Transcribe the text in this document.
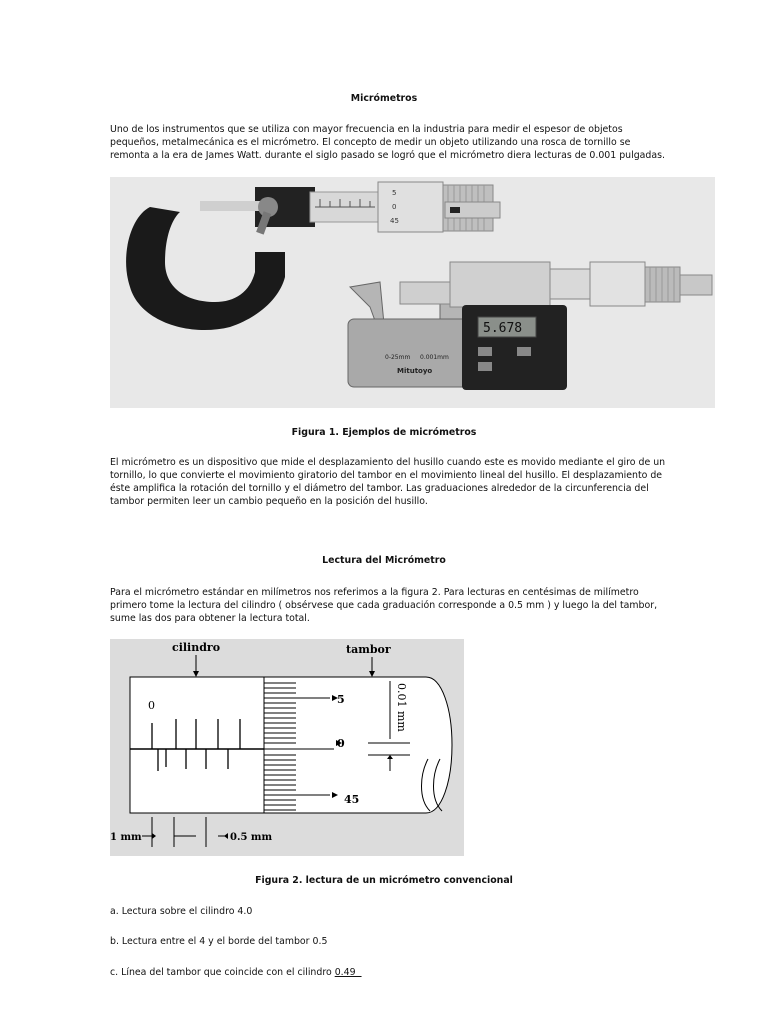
Micrómetros
Uno de los instrumentos que se utiliza con mayor frecuencia en la industria para medir el espesor de objetos pequeños, metalmecánica es el micrómetro. El concepto de medir un objeto utilizando una rosca de tornillo se remonta a la era de James Watt. durante el siglo pasado se logró que el micrómetro diera lecturas de 0.001 pulgadas.
5
0
45
0-25mm 0.001mm
Mitutoyo
5.678
Figura 1. Ejemplos de micrómetros
El micrómetro es un dispositivo que mide el desplazamiento del husillo cuando este es movido mediante el giro de un tornillo, lo que convierte el movimiento giratorio del tambor en el movimiento lineal del husillo. El desplazamiento de éste amplifica la rotación del tornillo y el diámetro del tambor. Las graduaciones alrededor de la circunferencia del tambor permiten leer un cambio pequeño en la posición del husillo.
Lectura del Micrómetro
Para el micrómetro estándar en milímetros nos referimos a la figura 2. Para lecturas en centésimas de milímetro primero tome la lectura del cilindro ( obsérvese que cada graduación corresponde a 0.5 mm ) y luego la del tambor, sume las dos para obtener la lectura total.
cilindro	tambor
0	5
0
45
0.01 mm
1 mm	0.5 mm
Figura 2. lectura de un micrómetro convencional
a. Lectura sobre el cilindro 4.0
b. Lectura entre el 4 y el borde del tambor 0.5
c. Línea del tambor que coincide con el cilindro 0.49
